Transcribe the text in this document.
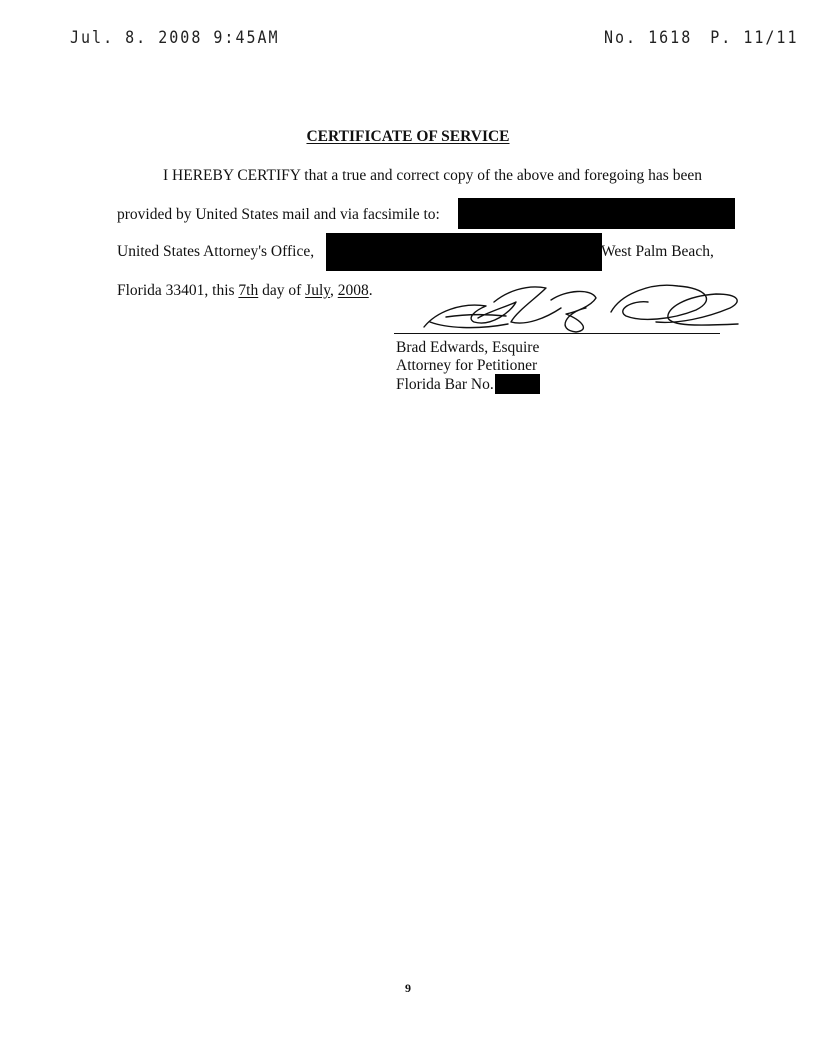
Jul. 8. 2008 9:45AM	No. 1618 P. 11/11
CERTIFICATE OF SERVICE
I HEREBY CERTIFY that a true and correct copy of the above and foregoing has been
provided by United States mail and via facsimile to:
United States Attorney's Office,	West Palm Beach,
Florida 33401, this 7th day of July, 2008.
Brad Edwards, Esquire
Attorney for Petitioner
Florida Bar No.
9
